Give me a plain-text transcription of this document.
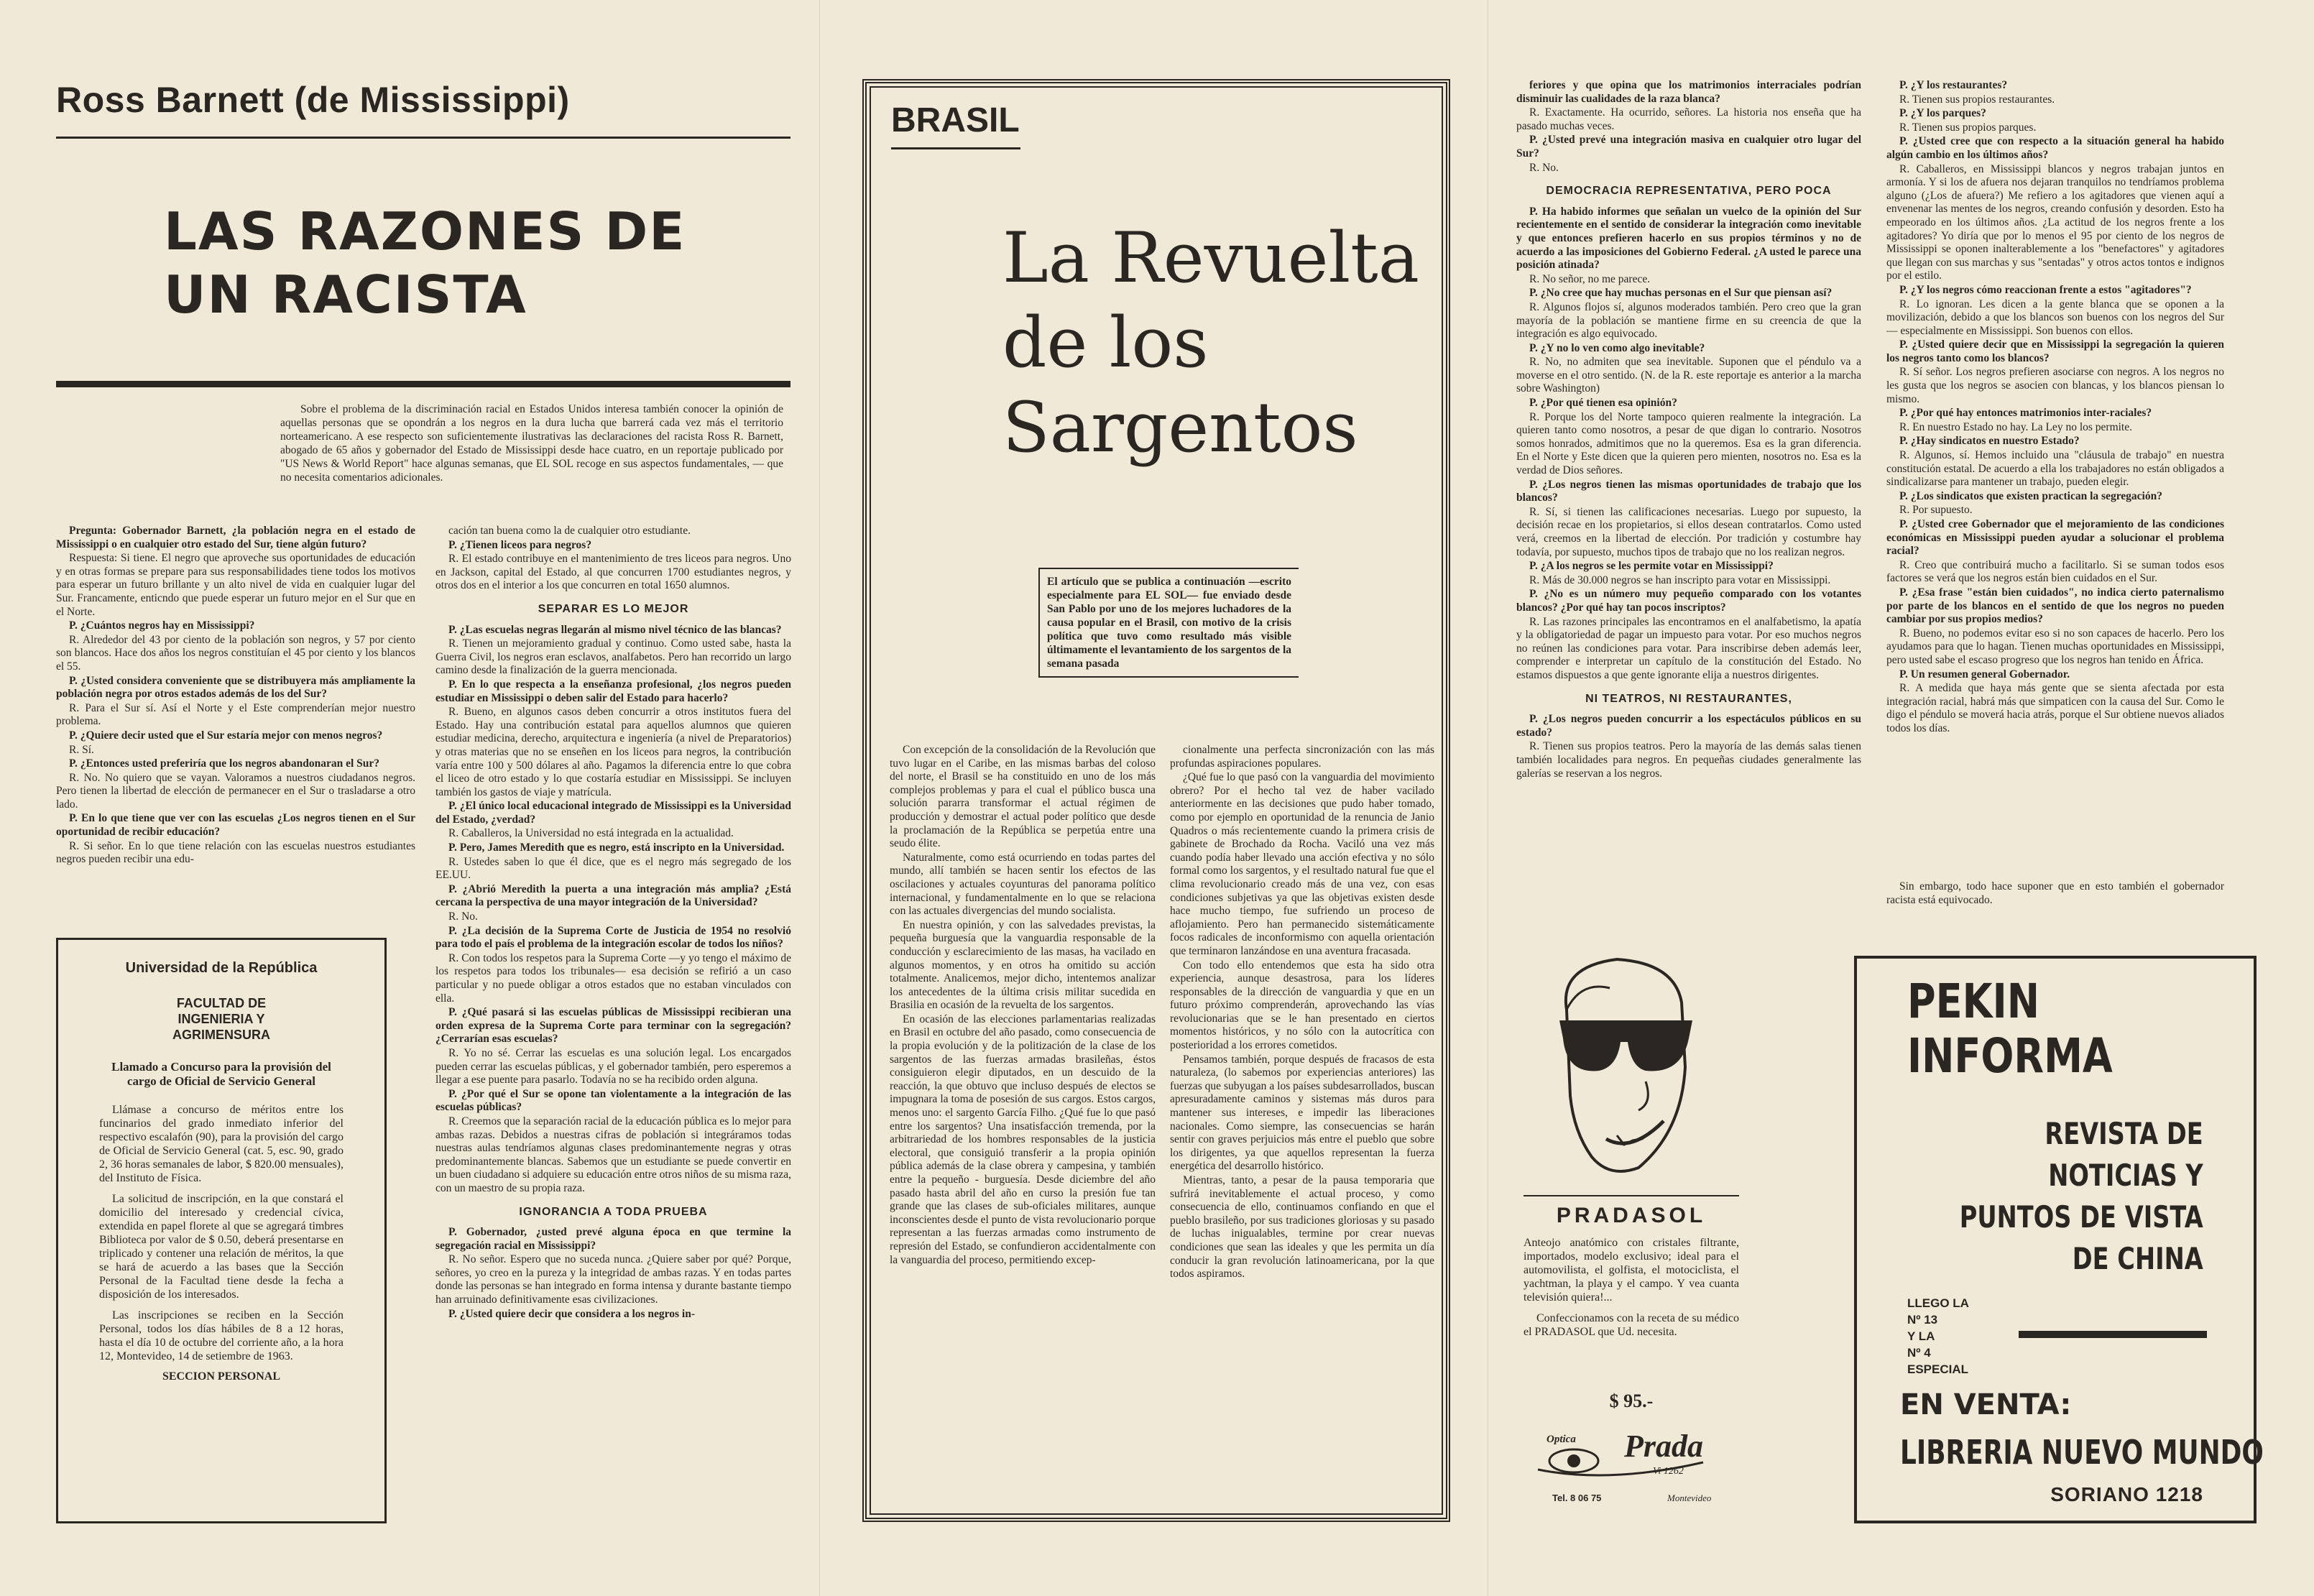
Ross Barnett (de Mississippi)
LAS RAZONES DE
UN RACISTA
Sobre el problema de la discriminación racial en Estados Unidos interesa también conocer la opinión de aquellas personas que se opondrán a los negros en la dura lucha que barrerá cada vez más el territorio norteamericano. A ese respecto son suficientemente ilustrativas las declaraciones del racista Ross R. Barnett, abogado de 65 años y gobernador del Estado de Mississippi desde hace cuatro, en un reportaje publicado por "US News & World Report" hace algunas semanas, que EL SOL recoge en sus aspectos fundamentales, — que no necesita comentarios adicionales.

Pregunta: Gobernador Barnett, ¿la población negra en el estado de Mississippi o en cualquier otro estado del Sur, tiene algún futuro?

Respuesta: Si tiene. El negro que aproveche sus oportunidades de educación y en otras formas se prepare para sus responsabilidades tiene todos los motivos para esperar un futuro brillante y un alto nivel de vida en cualquier lugar del Sur. Francamente, enticndo que puede esperar un futuro mejor en el Sur que en el Norte.

P. ¿Cuántos negros hay en Mississippi?

R. Alrededor del 43 por ciento de la población son negros, y 57 por ciento son blancos. Hace dos años los negros constituían el 45 por ciento y los blancos el 55.

P. ¿Usted considera conveniente que se distribuyera más ampliamente la población negra por otros estados además de los del Sur?

R. Para el Sur sí. Así el Norte y el Este comprenderían mejor nuestro problema.

P. ¿Quiere decir usted que el Sur estaría mejor con menos negros?

R. Sí.

P. ¿Entonces usted preferiría que los negros abandonaran el Sur?

R. No. No quiero que se vayan. Valoramos a nuestros ciudadanos negros. Pero tienen la libertad de elección de permanecer en el Sur o trasladarse a otro lado.

P. En lo que tiene que ver con las escuelas ¿Los negros tienen en el Sur oportunidad de recibir educación?

R. Si señor. En lo que tiene relación con las escuelas nuestros estudiantes negros pueden recibir una edu-

cación tan buena como la de cualquier otro estudiante.

P. ¿Tienen liceos para negros?

R. El estado contribuye en el mantenimiento de tres liceos para negros. Uno en Jackson, capital del Estado, al que concurren 1700 estudiantes negros, y otros dos en el interior a los que concurren en total 1650 alumnos.

SEPARAR ES LO MEJOR

P. ¿Las escuelas negras llegarán al mismo nivel técnico de las blancas?

R. Tienen un mejoramiento gradual y continuo. Como usted sabe, hasta la Guerra Civil, los negros eran esclavos, analfabetos. Pero han recorrido un largo camino desde la finalización de la guerra mencionada.

P. En lo que respecta a la enseñanza profesional, ¿los negros pueden estudiar en Mississippi o deben salir del Estado para hacerlo?

R. Bueno, en algunos casos deben concurrir a otros institutos fuera del Estado. Hay una contribución estatal para aquellos alumnos que quieren estudiar medicina, derecho, arquitectura e ingeniería (a nivel de Preparatorios) y otras materias que no se enseñen en los liceos para negros, la contribución varía entre 100 y 500 dólares al año. Pagamos la diferencia entre lo que cobra el liceo de otro estado y lo que costaría estudiar en Mississippi. Se incluyen también los gastos de viaje y matrícula.

P. ¿El único local educacional integrado de Mississippi es la Universidad del Estado, ¿verdad?

R. Caballeros, la Universidad no está integrada en la actualidad.

P. Pero, James Meredith que es negro, está inscripto en la Universidad.

R. Ustedes saben lo que él dice, que es el negro más segregado de los EE.UU.

P. ¿Abrió Meredith la puerta a una integración más amplia? ¿Está cercana la perspectiva de una mayor integración de la Universidad?

R. No.

P. ¿La decisión de la Suprema Corte de Justicia de 1954 no resolvió para todo el país el problema de la integración escolar de todos los niños?

R. Con todos los respetos para la Suprema Corte —y yo tengo el máximo de los respetos para todos los tribunales— esa decisión se refirió a un caso particular y no puede obligar a otros estados que no estaban vinculados con ella.

P. ¿Qué pasará si las escuelas públicas de Mississippi recibieran una orden expresa de la Suprema Corte para terminar con la segregación? ¿Cerrarían esas escuelas?

R. Yo no sé. Cerrar las escuelas es una solución legal. Los encargados pueden cerrar las escuelas públicas, y el gobernador también, pero esperemos a llegar a ese puente para pasarlo. Todavía no se ha recibido orden alguna.

P. ¿Por qué el Sur se opone tan violentamente a la integración de las escuelas públicas?

R. Creemos que la separación racial de la educación pública es lo mejor para ambas razas. Debidos a nuestras cifras de población si integráramos todas nuestras aulas tendríamos algunas clases predominantemente negras y otras predominantemente blancas. Sabemos que un estudiante se puede convertir en un buen ciudadano si adquiere su educación entre otros niños de su misma raza, con un maestro de su propia raza.

IGNORANCIA A TODA PRUEBA

P. Gobernador, ¿usted prevé alguna época en que termine la segregación racial en Mississippi?

R. No señor. Espero que no suceda nunca. ¿Quiere saber por qué? Porque, señores, yo creo en la pureza y la integridad de ambas razas. Y en todas partes donde las personas se han integrado en forma intensa y durante bastante tiempo han arruinado definitivamente esas civilizaciones.

P. ¿Usted quiere decir que considera a los negros in-

Universidad de la República
FACULTAD DE INGENIERIA Y AGRIMENSURA
Llamado a Concurso para la provisión del cargo de Oficial de Servicio General

Llámase a concurso de méritos entre los funcinarios del grado inmediato inferior del respectivo escalafón (90), para la provisión del cargo de Oficial de Servicio General (cat. 5, esc. 90, grado 2, 36 horas semanales de labor, $ 820.00 mensuales), del Instituto de Física.

La solicitud de inscripción, en la que constará el domicilio del interesado y credencial cívica, extendida en papel florete al que se agregará timbres Biblioteca por valor de $ 0.50, deberá presentarse en triplicado y contener una relación de méritos, la que se hará de acuerdo a las bases que la Sección Personal de la Facultad tiene desde la fecha a disposición de los interesados.

Las inscripciones se reciben en la Sección Personal, todos los días hábiles de 8 a 12 horas, hasta el día 10 de octubre del corriente año, a la hora 12, Montevideo, 14 de setiembre de 1963.

SECCION PERSONAL
BRASIL
La Revuelta
de los
Sargentos
El artículo que se publica a continuación —escrito especialmente para EL SOL— fue enviado desde San Pablo por uno de los mejores luchadores de la causa popular en el Brasil, con motivo de la crisis política que tuvo como resultado más visible últimamente el levantamiento de los sargentos de la semana pasada

Con excepción de la consolidación de la Revolución que tuvo lugar en el Caribe, en las mismas barbas del coloso del norte, el Brasil se ha constituido en uno de los más complejos problemas y para el cual el público busca una solución pararra transformar el actual régimen de producción y demostrar el actual poder político que desde la proclamación de la República se perpetúa entre una seudo élite.

Naturalmente, como está ocurriendo en todas partes del mundo, allí también se hacen sentir los efectos de las oscilaciones y actuales coyunturas del panorama político internacional, y fundamentalmente en lo que se relaciona con las actuales divergencias del mundo socialista.

En nuestra opinión, y con las salvedades previstas, la pequeña burguesía que la vanguardia responsable de la conducción y esclarecimiento de las masas, ha vacilado en algunos momentos, y en otros ha omitido su acción totalmente. Analicemos, mejor dicho, intentemos analizar los antecedentes de la última crisis militar sucedida en Brasilia en ocasión de la revuelta de los sargentos.

En ocasión de las elecciones parlamentarias realizadas en Brasil en octubre del año pasado, como consecuencia de la propia evolución y de la politización de la clase de los sargentos de las fuerzas armadas brasileñas, éstos consiguieron elegir diputados, en un descuido de la reacción, la que obtuvo que incluso después de electos se impugnara la toma de posesión de sus cargos. Estos cargos, menos uno: el sargento García Filho. ¿Qué fue lo que pasó entre los sargentos? Una insatisfacción tremenda, por la arbitrariedad de los hombres responsables de la justicia electoral, que consiguió transferir a la propia opinión pública además de la clase obrera y campesina, y también entre la pequeño - burguesía. Desde diciembre del año pasado hasta abril del año en curso la presión fue tan grande que las clases de sub-oficiales militares, aunque inconscientes desde el punto de vista revolucionario porque representan a las fuerzas armadas como instrumento de represión del Estado, se confundieron accidentalmente con la vanguardia del proceso, permitiendo excep-

cionalmente una perfecta sincronización con las más profundas aspiraciones populares.

¿Qué fue lo que pasó con la vanguardia del movimiento obrero? Por el hecho tal vez de haber vacilado anteriormente en las decisiones que pudo haber tomado, como por ejemplo en oportunidad de la renuncia de Janio Quadros o más recientemente cuando la primera crisis de gabinete de Brochado da Rocha. Vaciló una vez más cuando podía haber llevado una acción efectiva y no sólo formal como los sargentos, y el resultado natural fue que el clima revolucionario creado más de una vez, con esas condiciones subjetivas ya que las objetivas existen desde hace mucho tiempo, fue sufriendo un proceso de aflojamiento. Pero han permanecido sistemáticamente focos radicales de inconformismo con aquella orientación que terminaron lanzándose en una aventura fracasada.

Con todo ello entendemos que esta ha sido otra experiencia, aunque desastrosa, para los líderes responsables de la dirección de vanguardia y que en un futuro próximo comprenderán, aprovechando las vías revolucionarias que se le han presentado en ciertos momentos históricos, y no sólo con la autocrítica con posterioridad a los errores cometidos.

Pensamos también, porque después de fracasos de esta naturaleza, (lo sabemos por experiencias anteriores) las fuerzas que subyugan a los países subdesarrollados, buscan apresuradamente caminos y sistemas más duros para mantener sus intereses, e impedir las liberaciones nacionales. Como siempre, las consecuencias se harán sentir con graves perjuicios más entre el pueblo que sobre los dirigentes, ya que aquellos representan la fuerza energética del desarrollo histórico.

Mientras, tanto, a pesar de la pausa temporaria que sufrirá inevitablemente el actual proceso, y como consecuencia de ello, continuamos confiando en que el pueblo brasileño, por sus tradiciones gloriosas y su pasado de luchas inigualables, termine por crear nuevas condiciones que sean las ideales y que les permita un día conducir la gran revolución latinoamericana, por la que todos aspiramos.

feriores y que opina que los matrimonios interraciales podrían disminuir las cualidades de la raza blanca?

R. Exactamente. Ha ocurrido, señores. La historia nos enseña que ha pasado muchas veces.

P. ¿Usted prevé una integración masiva en cualquier otro lugar del Sur?

R. No.

DEMOCRACIA REPRESENTATIVA, PERO POCA

P. Ha habido informes que señalan un vuelco de la opinión del Sur recientemente en el sentido de considerar la integración como inevitable y que entonces prefieren hacerlo en sus propios términos y no de acuerdo a las imposiciones del Gobierno Federal. ¿A usted le parece una posición atinada?

R. No señor, no me parece.

P. ¿No cree que hay muchas personas en el Sur que piensan así?

R. Algunos flojos sí, algunos moderados también. Pero creo que la gran mayoría de la población se mantiene firme en su creencia de que la integración es algo equivocado.

P. ¿Y no lo ven como algo inevitable?

R. No, no admiten que sea inevitable. Suponen que el péndulo va a moverse en el otro sentido. (N. de la R. este reportaje es anterior a la marcha sobre Washington)

P. ¿Por qué tienen esa opinión?

R. Porque los del Norte tampoco quieren realmente la integración. La quieren tanto como nosotros, a pesar de que digan lo contrario. Nosotros somos honrados, admitimos que no la queremos. Esa es la gran diferencia. En el Norte y Este dicen que la quieren pero mienten, nosotros no. Esa es la verdad de Dios señores.

P. ¿Los negros tienen las mismas oportunidades de trabajo que los blancos?

R. Sí, si tienen las calificaciones necesarias. Luego por supuesto, la decisión recae en los propietarios, si ellos desean contratarlos. Como usted verá, creemos en la libertad de elección. Por tradición y costumbre hay todavía, por supuesto, muchos tipos de trabajo que no los realizan negros.

P. ¿A los negros se les permite votar en Mississippi?

R. Más de 30.000 negros se han inscripto para votar en Mississippi.

P. ¿No es un número muy pequeño comparado con los votantes blancos? ¿Por qué hay tan pocos inscriptos?

R. Las razones principales las encontramos en el analfabetismo, la apatía y la obligatoriedad de pagar un impuesto para votar. Por eso muchos negros no reúnen las condiciones para votar. Para inscribirse deben además leer, comprender e interpretar un capítulo de la constitución del Estado. No estamos dispuestos a que gente ignorante elija a nuestros dirigentes.

NI TEATROS, NI RESTAURANTES,

P. ¿Los negros pueden concurrir a los espectáculos públicos en su estado?

R. Tienen sus propios teatros. Pero la mayoría de las demás salas tienen también localidades para negros. En pequeñas ciudades generalmente las galerías se reservan a los negros.

P. ¿Y los restaurantes?

R. Tienen sus propios restaurantes.

P. ¿Y los parques?

R. Tienen sus propios parques.

P. ¿Usted cree que con respecto a la situación general ha habido algún cambio en los últimos años?

R. Caballeros, en Mississippi blancos y negros trabajan juntos en armonía. Y si los de afuera nos dejaran tranquilos no tendríamos problema alguno (¿Los de afuera?) Me refiero a los agitadores que vienen aquí a envenenar las mentes de los negros, creando confusión y desorden. Esto ha empeorado en los últimos años. ¿La actitud de los negros frente a los agitadores? Yo diría que por lo menos el 95 por ciento de los negros de Mississippi se oponen inalterablemente a los "benefactores" y agitadores que llegan con sus marchas y sus "sentadas" y otros actos tontos e indignos por el estilo.

P. ¿Y los negros cómo reaccionan frente a estos "agitadores"?

R. Lo ignoran. Les dicen a la gente blanca que se oponen a la movilización, debido a que los blancos son buenos con los negros del Sur — especialmente en Mississippi. Son buenos con ellos.

P. ¿Usted quiere decir que en Mississippi la segregación la quieren los negros tanto como los blancos?

R. Sí señor. Los negros prefieren asociarse con negros. A los negros no les gusta que los negros se asocien con blancas, y los blancos piensan lo mismo.

P. ¿Por qué hay entonces matrimonios inter-raciales?

R. En nuestro Estado no hay. La Ley no los permite.

P. ¿Hay sindicatos en nuestro Estado?

R. Algunos, sí. Hemos incluido una "cláusula de trabajo" en nuestra constitución estatal. De acuerdo a ella los trabajadores no están obligados a sindicalizarse para mantener un trabajo, pueden elegir.

P. ¿Los sindicatos que existen practican la segregación?

R. Por supuesto.

P. ¿Usted cree Gobernador que el mejoramiento de las condiciones económicas en Mississippi pueden ayudar a solucionar el problema racial?

R. Creo que contribuirá mucho a facilitarlo. Si se suman todos esos factores se verá que los negros están bien cuidados en el Sur.

P. ¿Esa frase "están bien cuidados", no indica cierto paternalismo por parte de los blancos en el sentido de que los negros no pueden cambiar por sus propios medios?

R. Bueno, no podemos evitar eso si no son capaces de hacerlo. Pero los ayudamos para que lo hagan. Tienen muchas oportunidades en Mississippi, pero usted sabe el escaso progreso que los negros han tenido en África.

P. Un resumen general Gobernador.

R. A medida que haya más gente que se sienta afectada por esta integración racial, habrá más que simpaticen con la causa del Sur. Como le digo el péndulo se moverá hacia atrás, porque el Sur obtiene nuevos aliados todos los días.

Sin embargo, todo hace suponer que en esto también el gobernador racista está equivocado.
PRADASOL

Anteojo anatómico con cristales filtrante, importados, modelo exclusivo; ideal para el automovilista, el golfista, el motociclista, el yachtman, la playa y el campo. Y vea cuanta televisión quiera!...

Confeccionamos con la receta de su médico el PRADASOL que Ud. necesita.

$ 95.-
Optica Prada
Vi 1262
Tel. 8 06 75	Montevideo
PEKIN
INFORMA
REVISTA DE
NOTICIAS Y
PUNTOS DE VISTA
DE CHINA
LLEGO LA
Nº 13
Y LA
Nº 4
ESPECIAL
EN VENTA:
LIBRERIA NUEVO MUNDO
SORIANO 1218
